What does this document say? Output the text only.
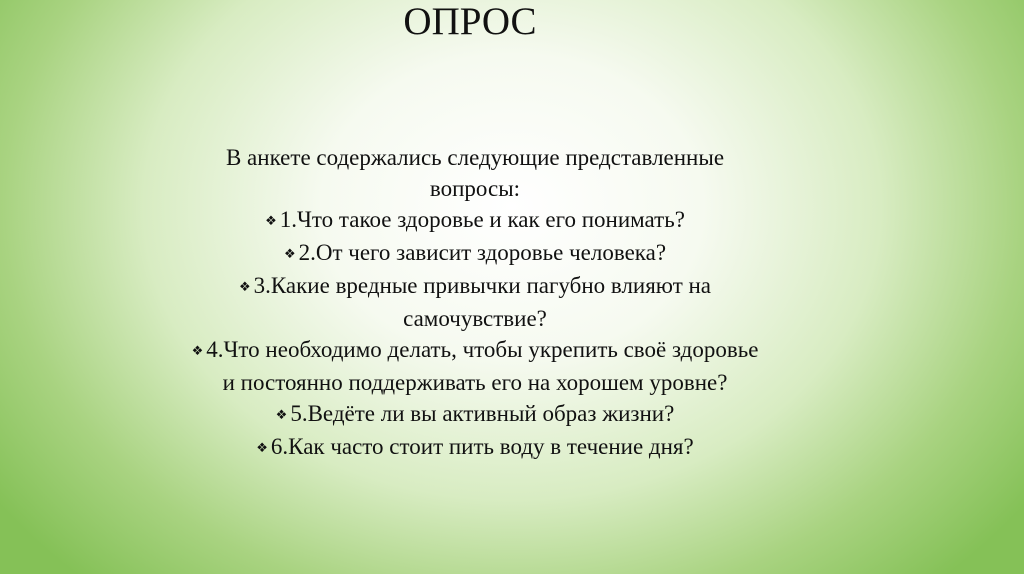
ОПРОС
В анкете содержались следующие представленные
вопросы:
❖ 1.Что такое здоровье и как его понимать?
❖ 2.От чего зависит здоровье человека?
❖ 3.Какие вредные привычки пагубно влияют на
самочувствие?
❖ 4.Что необходимо делать, чтобы укрепить своё здоровье
и постоянно поддерживать его на хорошем уровне?
❖ 5.Ведёте ли вы активный образ жизни?
❖ 6.Как часто стоит пить воду в течение дня?
